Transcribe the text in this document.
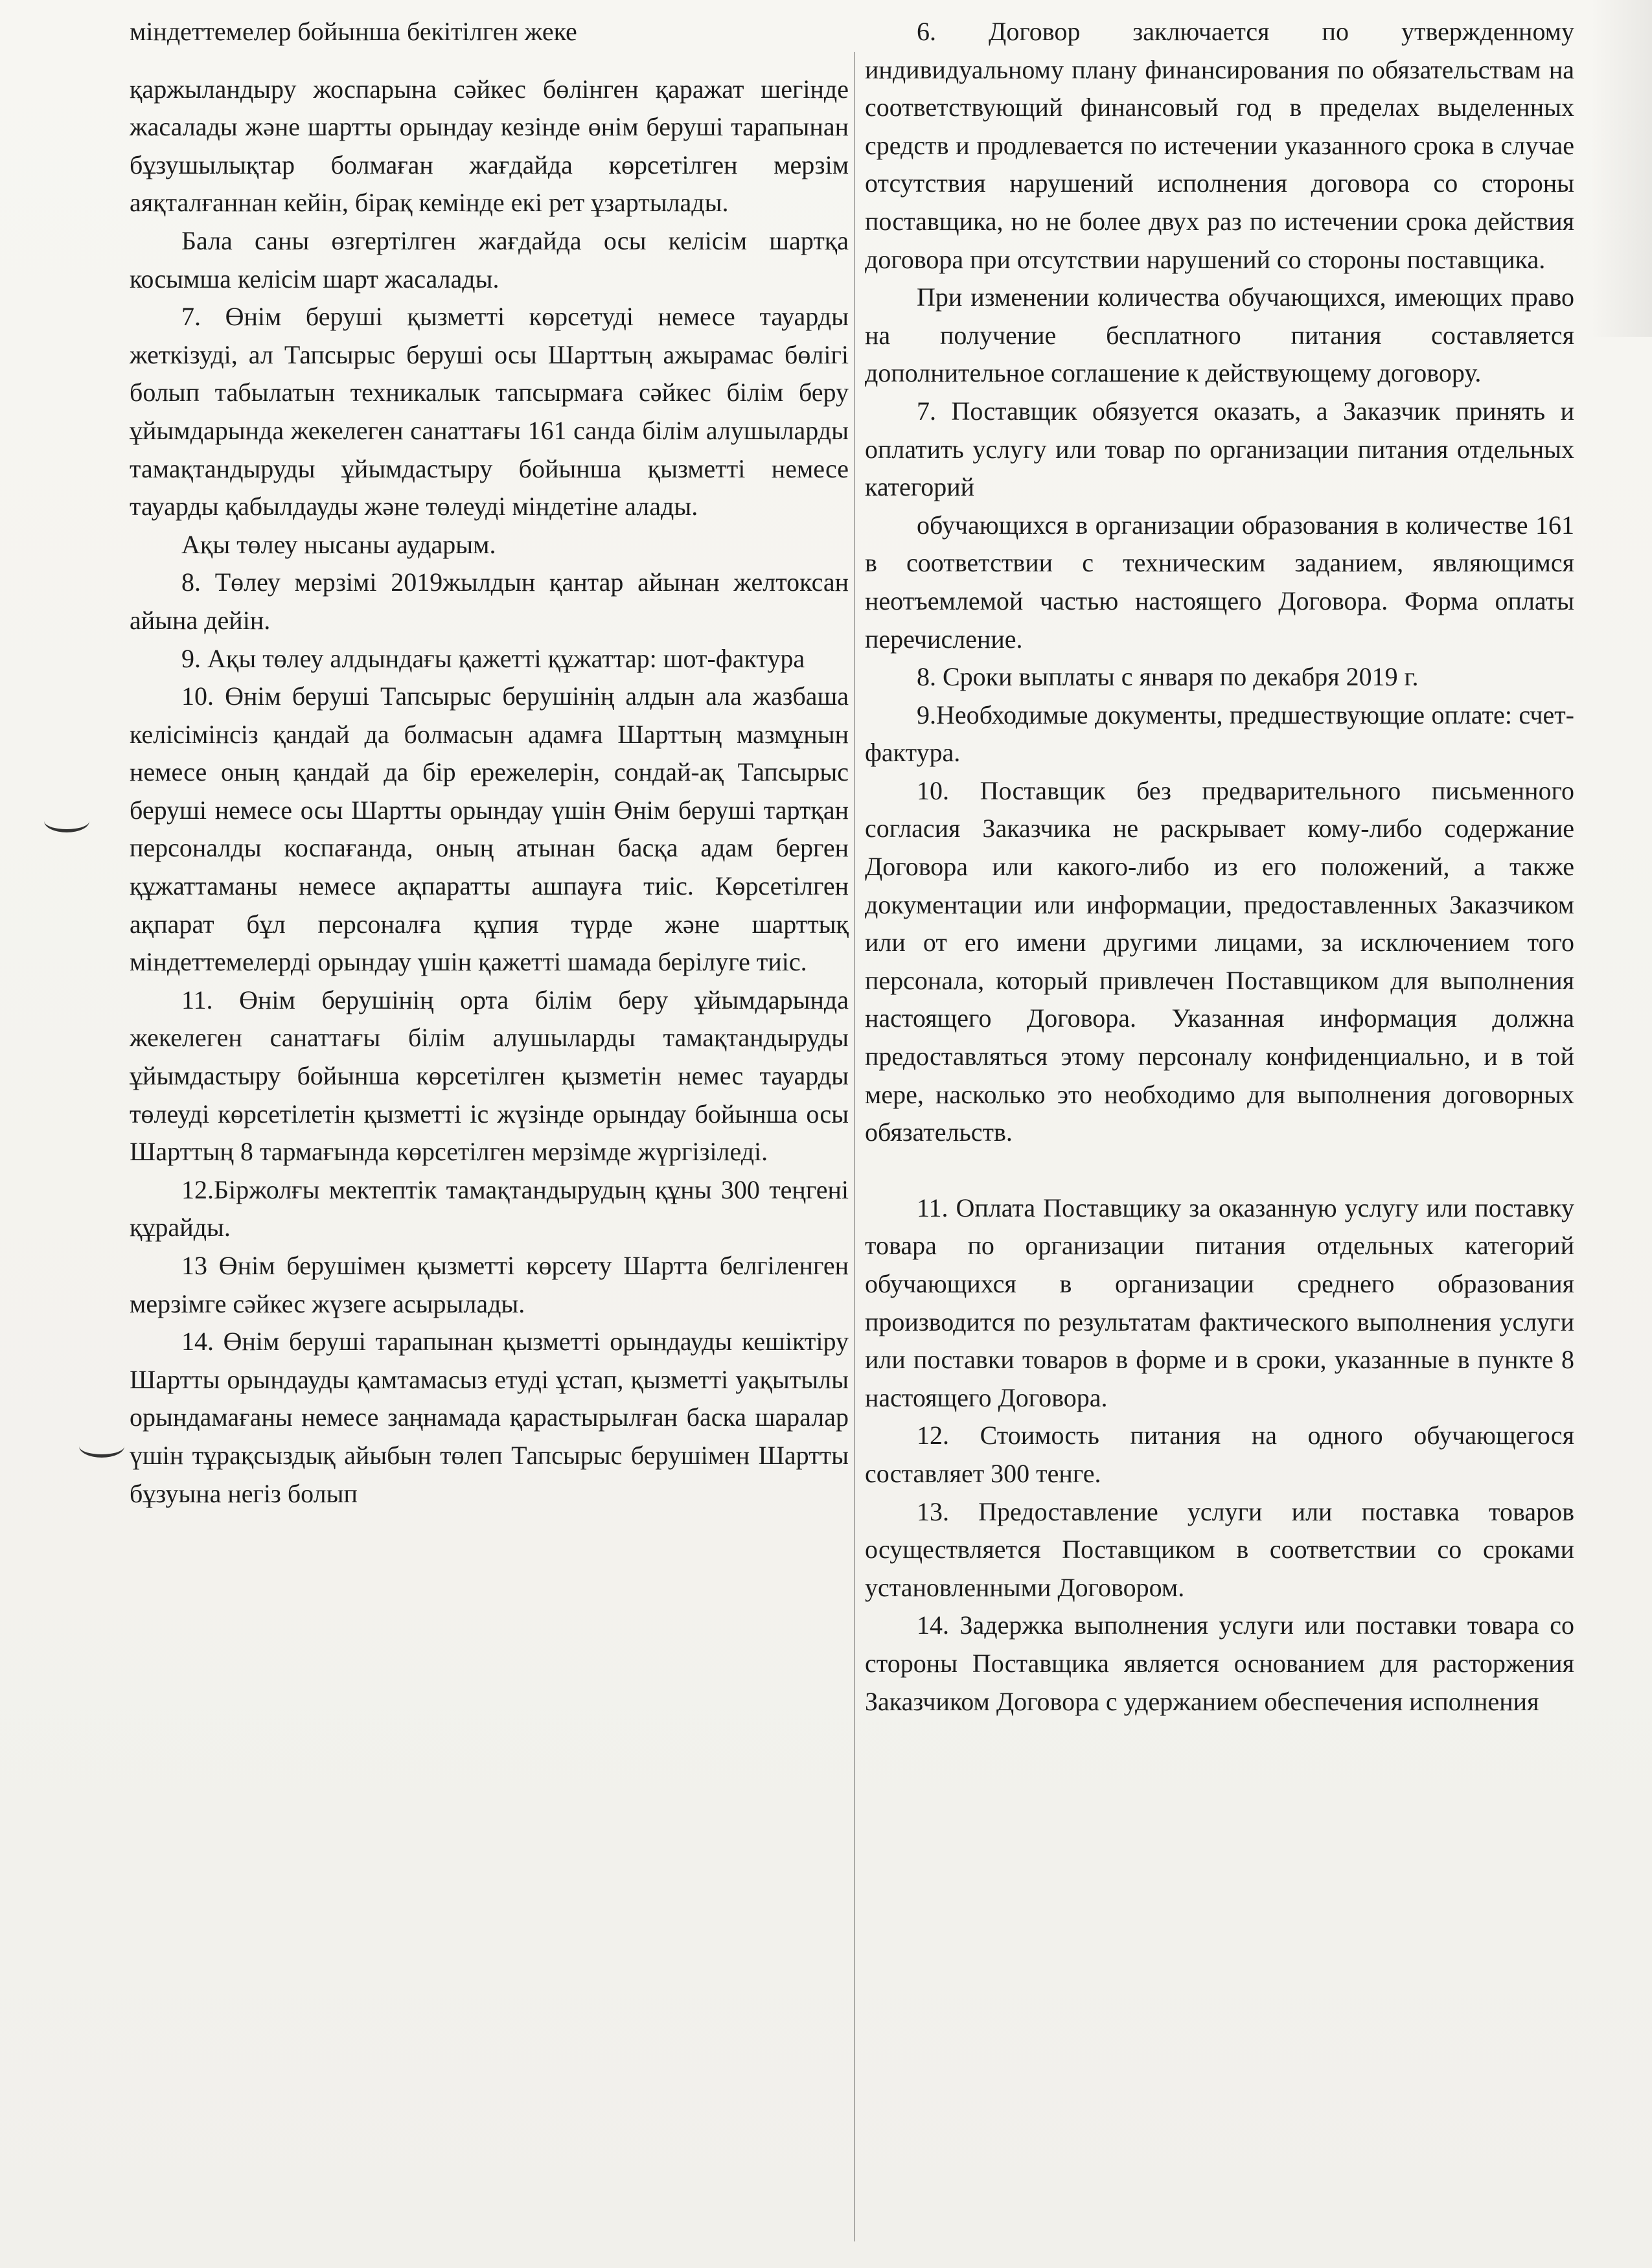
міндеттемелер бойынша бекітілген жеке

қаржыландыру жоспарына сәйкес бөлінген қаражат шегінде жасалады және шартты орындау кезінде өнім беруші тарапынан бұзушылықтар болмаған жағдайда көрсетілген мерзім аяқталғаннан кейін, бірақ кемінде екі рет ұзартылады.

Бала саны өзгертілген жағдайда осы келісім шартқа косымша келісім шарт жасалады.

7. Өнім беруші қызметті көрсетуді немесе тауарды жеткізуді, ал Тапсырыс беруші осы Шарттың ажырамас бөлігі болып табылатын техникалык тапсырмаға сәйкес білім беру ұйымдарында жекелеген санаттағы 161 санда білім алушыларды тамақтандыруды ұйымдастыру бойынша қызметті немесе тауарды қабылдауды және төлеуді міндетіне алады.

Ақы төлеу нысаны аударым.

8. Төлеу мерзімі 2019жылдын қантар айынан желтоксан айына дейін.

9. Ақы төлеу алдындағы қажетті құжаттар: шот-фактура

10. Өнім беруші Тапсырыс берушінің алдын ала жазбаша келісімінсіз қандай да болмасын адамға Шарттың мазмұнын немесе оның қандай да бір ережелерін, сондай-ақ Тапсырыс беруші немесе осы Шартты орындау үшін Өнім беруші тартқан персоналды коспағанда, оның атынан басқа адам берген құжаттаманы немесе ақпаратты ашпауға тиіс. Көрсетілген ақпарат бұл персоналға құпия түрде және шарттық міндеттемелерді орындау үшін қажетті шамада берілуге тиіс.

11. Өнім берушінің орта білім беру ұйымдарында жекелеген санаттағы білім алушыларды тамақтандыруды ұйымдастыру бойынша көрсетілген қызметін немес тауарды төлеуді көрсетілетін қызметті іс жүзінде орындау бойынша осы Шарттың 8 тармағында көрсетілген мерзімде жүргізіледі.

12.Біржолғы мектептік тамақтандырудың құны 300 теңгені құрайды.

13 Өнім берушімен қызметті көрсету Шартта белгіленген мерзімге сәйкес жүзеге асырылады.

14. Өнім беруші тарапынан қызметті орындауды кешіктіру Шартты орындауды қамтамасыз етуді ұстап, қызметті уақытылы орындамағаны немесе заңнамада қарастырылған баска шаралар үшін тұрақсыздық айыбын төлеп Тапсырыс берушімен Шартты бұзуына негіз болып

6. Договор заключается по утвержденному индивидуальному плану финансирования по обязательствам на соответствующий финансовый год в пределах выделенных средств и продлевается по истечении указанного срока в случае отсутствия нарушений исполнения договора со стороны поставщика, но не более двух раз по истечении срока действия договора при отсутствии нарушений со стороны поставщика.

При изменении количества обучающихся, имеющих право на получение бесплатного питания составляется дополнительное соглашение к действующему договору.

7. Поставщик обязуется оказать, а Заказчик принять и оплатить услугу или товар по организации питания отдельных категорий

обучающихся в организации образования в количестве 161 в соответствии с техническим заданием, являющимся неотъемлемой частью настоящего Договора. Форма оплаты перечисление.

8. Сроки выплаты с января по декабря 2019 г.

9.Необходимые документы, предшествующие оплате: счет-фактура.

10. Поставщик без предварительного письменного согласия Заказчика не раскрывает кому-либо содержание Договора или какого-либо из его положений, а также документации или информации, предоставленных Заказчиком или от его имени другими лицами, за исключением того персонала, который привлечен Поставщиком для выполнения настоящего Договора. Указанная информация должна предоставляться этому персоналу конфиденциально, и в той мере, насколько это необходимо для выполнения договорных обязательств.

11. Оплата Поставщику за оказанную услугу или поставку товара по организации питания отдельных категорий обучающихся в организации среднего образования производится по результатам фактического выполнения услуги или поставки товаров в форме и в сроки, указанные в пункте 8 настоящего Договора.

12. Стоимость питания на одного обучающегося составляет 300 тенге.

13. Предоставление услуги или поставка товаров осуществляется Поставщиком в соответствии со сроками установленными Договором.

14. Задержка выполнения услуги или поставки товара со стороны Поставщика является основанием для расторжения Заказчиком Договора с удержанием обеспечения исполнения
